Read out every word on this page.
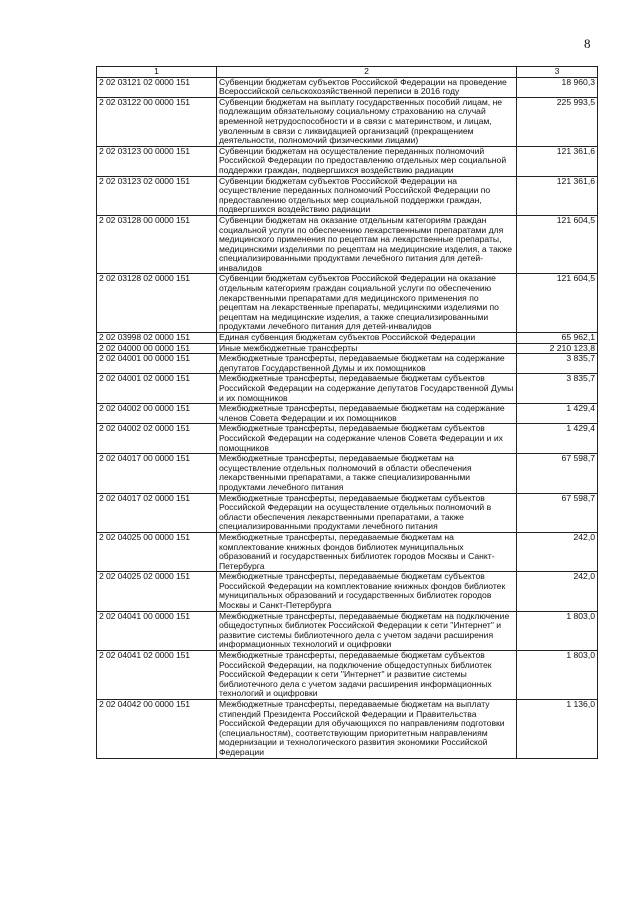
8
1	2	3
2 02 03121 02 0000 151	Субвенции бюджетам субъектов Российской Федерации на проведение Всероссийской сельскохозяйственной переписи в 2016 году	18 960,3
2 02 03122 00 0000 151	Субвенции бюджетам на выплату государственных пособий лицам, не подлежащим обязательному социальному страхованию на случай временной нетрудоспособности и в связи с материнством, и лицам, уволенным в связи с ликвидацией организаций (прекращением деятельности, полномочий физическими лицами)	225 993,5
2 02 03123 00 0000 151	Субвенции бюджетам на осуществление переданных полномочий Российской Федерации по предоставлению отдельных мер социальной поддержки граждан, подвергшихся воздействию радиации	121 361,6
2 02 03123 02 0000 151	Субвенции бюджетам субъектов Российской Федерации на осуществление переданных полномочий Российской Федерации по предоставлению отдельных мер социальной поддержки граждан, подвергшихся воздействию радиации	121 361,6
2 02 03128 00 0000 151	Субвенции бюджетам на оказание отдельным категориям граждан социальной услуги по обеспечению лекарственными препаратами для медицинского применения по рецептам на лекарственные препараты, медицинскими изделиями по рецептам на медицинские изделия, а также специализированными продуктами лечебного питания для детей-инвалидов	121 604,5
2 02 03128 02 0000 151	Субвенции бюджетам субъектов Российской Федерации на оказание отдельным категориям граждан социальной услуги по обеспечению лекарственными препаратами для медицинского применения по рецептам на лекарственные препараты, медицинскими изделиями по рецептам на медицинские изделия, а также специализированными продуктами лечебного питания для детей-инвалидов	121 604,5
2 02 03998 02 0000 151	Единая субвенция бюджетам субъектов Российской Федерации	65 962,1
2 02 04000 00 0000 151	Иные межбюджетные трансферты	2 210 123,8
2 02 04001 00 0000 151	Межбюджетные трансферты, передаваемые бюджетам на содержание депутатов Государственной Думы и их помощников	3 835,7
2 02 04001 02 0000 151	Межбюджетные трансферты, передаваемые бюджетам субъектов Российской Федерации на содержание депутатов Государственной Думы и их помощников	3 835,7
2 02 04002 00 0000 151	Межбюджетные трансферты, передаваемые бюджетам на содержание членов Совета Федерации и их помощников	1 429,4
2 02 04002 02 0000 151	Межбюджетные трансферты, передаваемые бюджетам субъектов Российской Федерации на содержание членов Совета Федерации и их помощников	1 429,4
2 02 04017 00 0000 151	Межбюджетные трансферты, передаваемые бюджетам на осуществление отдельных полномочий в области обеспечения лекарственными препаратами, а также специализированными продуктами лечебного питания	67 598,7
2 02 04017 02 0000 151	Межбюджетные трансферты, передаваемые бюджетам субъектов Российской Федерации на осуществление отдельных полномочий в области обеспечения лекарственными препаратами, а также специализированными продуктами лечебного питания	67 598,7
2 02 04025 00 0000 151	Межбюджетные трансферты, передаваемые бюджетам на комплектование книжных фондов библиотек муниципальных образований и государственных библиотек городов Москвы и Санкт-Петербурга	242,0
2 02 04025 02 0000 151	Межбюджетные трансферты, передаваемые бюджетам субъектов Российской Федерации на комплектование книжных фондов библиотек муниципальных образований и государственных библиотек городов Москвы и Санкт-Петербурга	242,0
2 02 04041 00 0000 151	Межбюджетные трансферты, передаваемые бюджетам на подключение общедоступных библиотек Российской Федерации к сети "Интернет" и развитие системы библиотечного дела с учетом задачи расширения информационных технологий и оцифровки	1 803,0
2 02 04041 02 0000 151	Межбюджетные трансферты, передаваемые бюджетам субъектов Российской Федерации, на подключение общедоступных библиотек Российской Федерации к сети "Интернет" и развитие системы библиотечного дела с учетом задачи расширения информационных технологий и оцифровки	1 803,0
2 02 04042 00 0000 151	Межбюджетные трансферты, передаваемые бюджетам на выплату стипендий Президента Российской Федерации и Правительства Российской Федерации для обучающихся по направлениям подготовки (специальностям), соответствующим приоритетным направлениям модернизации и технологического развития экономики Российской Федерации	1 136,0
